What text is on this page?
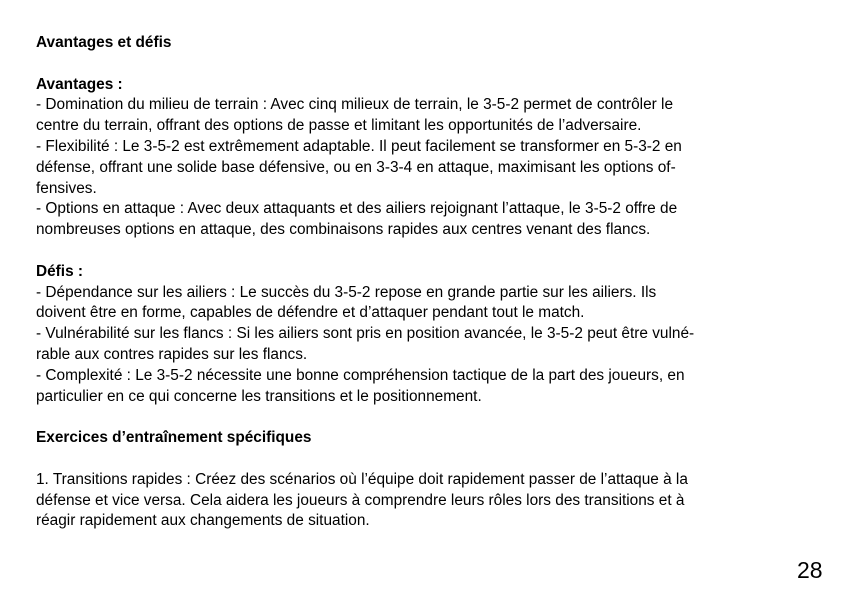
Avantages et défis
Avantages :
- Domination du milieu de terrain : Avec cinq milieux de terrain, le 3-5-2 permet de contrôler le
centre du terrain, offrant des options de passe et limitant les opportunités de l’adversaire.
- Flexibilité : Le 3-5-2 est extrêmement adaptable. Il peut facilement se transformer en 5-3-2 en
défense, offrant une solide base défensive, ou en 3-3-4 en attaque, maximisant les options of-
fensives.
- Options en attaque : Avec deux attaquants et des ailiers rejoignant l’attaque, le 3-5-2 offre de
nombreuses options en attaque, des combinaisons rapides aux centres venant des flancs.
Défis :
- Dépendance sur les ailiers : Le succès du 3-5-2 repose en grande partie sur les ailiers. Ils
doivent être en forme, capables de défendre et d’attaquer pendant tout le match.
- Vulnérabilité sur les flancs : Si les ailiers sont pris en position avancée, le 3-5-2 peut être vulné-
rable aux contres rapides sur les flancs.
- Complexité : Le 3-5-2 nécessite une bonne compréhension tactique de la part des joueurs, en
particulier en ce qui concerne les transitions et le positionnement.
Exercices d’entraînement spécifiques
1. Transitions rapides : Créez des scénarios où l’équipe doit rapidement passer de l’attaque à la
défense et vice versa. Cela aidera les joueurs à comprendre leurs rôles lors des transitions et à
réagir rapidement aux changements de situation.
28
